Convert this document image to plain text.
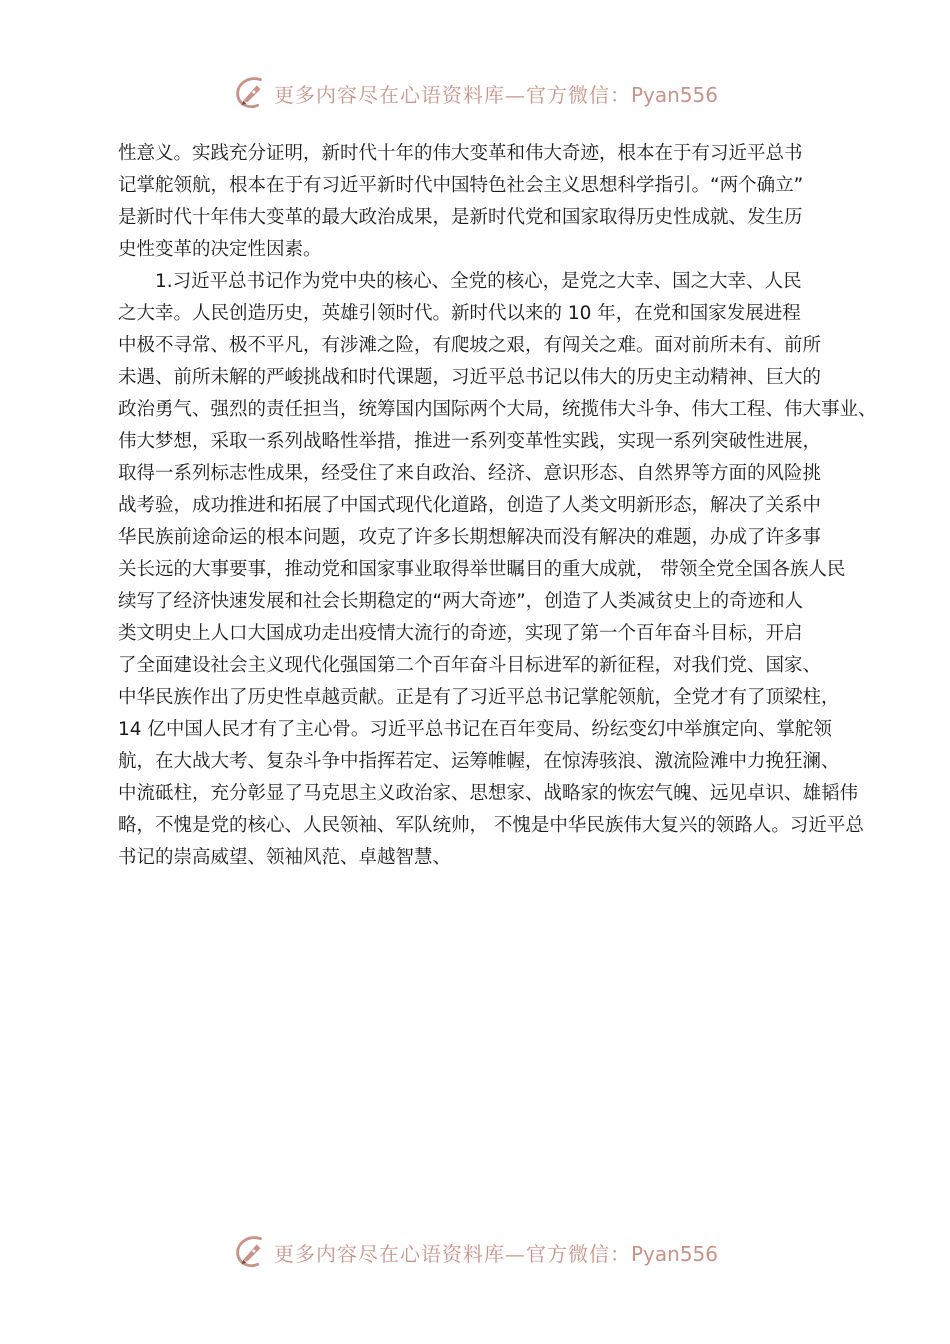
更多内容尽在心语资料库—官方微信：Pyan556
性意义。实践充分证明，新时代十年的伟大变革和伟大奇迹，根本在于有习近平总书
记掌舵领航，根本在于有习近平新时代中国特色社会主义思想科学指引。“两个确立”
是新时代十年伟大变革的最大政治成果，是新时代党和国家取得历史性成就、发生历
史性变革的决定性因素。
1.习近平总书记作为党中央的核心、全党的核心，是党之大幸、国之大幸、人民
之大幸。人民创造历史，英雄引领时代。新时代以来的 10 年，在党和国家发展进程
中极不寻常、极不平凡，有涉滩之险，有爬坡之艰，有闯关之难。面对前所未有、前所
未遇、前所未解的严峻挑战和时代课题，习近平总书记以伟大的历史主动精神、巨大的
政治勇气、强烈的责任担当，统筹国内国际两个大局，统揽伟大斗争、伟大工程、伟大事业、
伟大梦想，采取一系列战略性举措，推进一系列变革性实践，实现一系列突破性进展，
取得一系列标志性成果，经受住了来自政治、经济、意识形态、自然界等方面的风险挑
战考验，成功推进和拓展了中国式现代化道路，创造了人类文明新形态，解决了关系中
华民族前途命运的根本问题，攻克了许多长期想解决而没有解决的难题，办成了许多事
关长远的大事要事，推动党和国家事业取得举世瞩目的重大成就， 带领全党全国各族人民
续写了经济快速发展和社会长期稳定的“两大奇迹”，创造了人类减贫史上的奇迹和人
类文明史上人口大国成功走出疫情大流行的奇迹，实现了第一个百年奋斗目标，开启
了全面建设社会主义现代化强国第二个百年奋斗目标进军的新征程，对我们党、国家、
中华民族作出了历史性卓越贡献。正是有了习近平总书记掌舵领航，全党才有了顶梁柱，
14 亿中国人民才有了主心骨。习近平总书记在百年变局、纷纭变幻中举旗定向、掌舵领
航，在大战大考、复杂斗争中指挥若定、运筹帷幄，在惊涛骇浪、激流险滩中力挽狂澜、
中流砥柱，充分彰显了马克思主义政治家、思想家、战略家的恢宏气魄、远见卓识、雄韬伟
略，不愧是党的核心、人民领袖、军队统帅， 不愧是中华民族伟大复兴的领路人。习近平总
书记的崇高威望、领袖风范、卓越智慧、
更多内容尽在心语资料库—官方微信：Pyan556
